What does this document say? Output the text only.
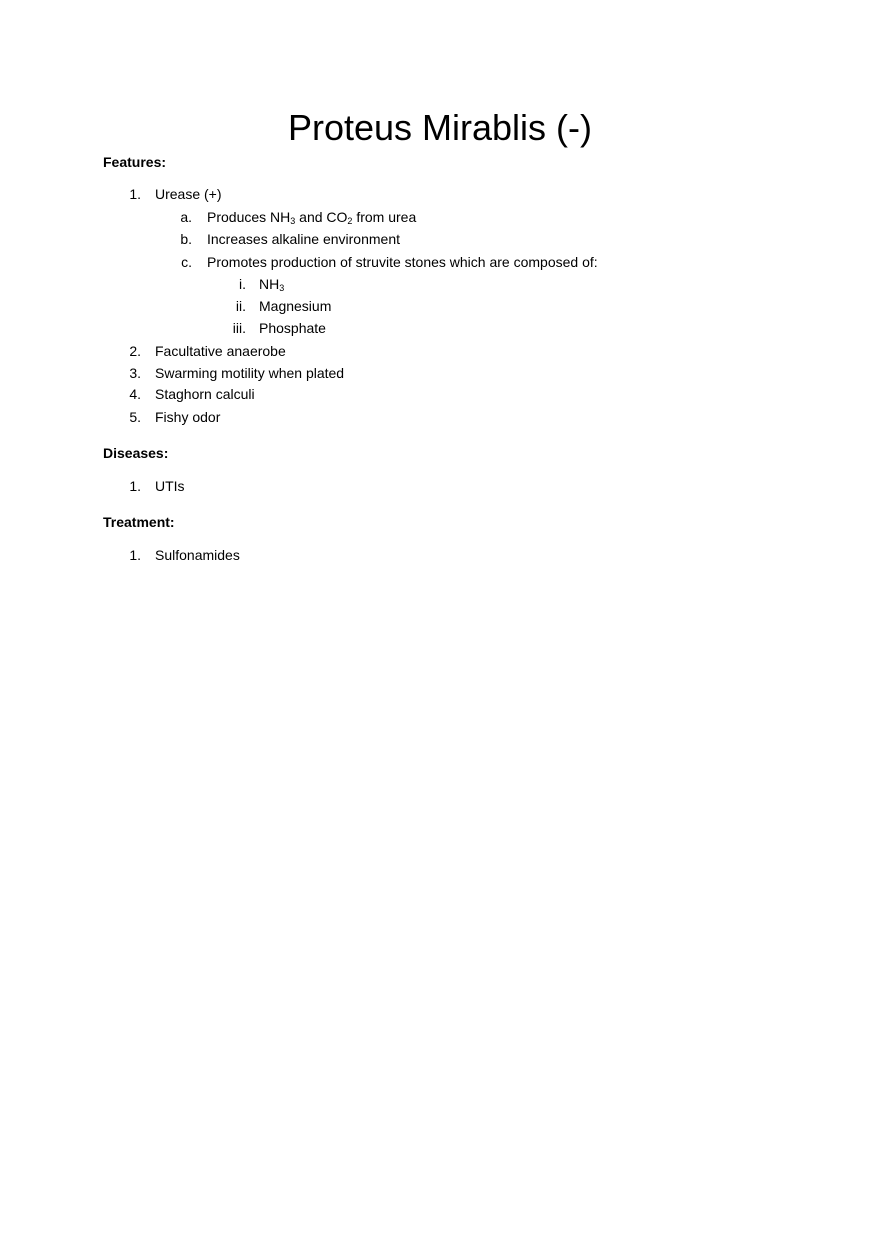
Proteus Mirablis (-)

Features:

1. Urease (+)
a. Produces $NH_3$ and $CO_2$ from urea
b. Increases alkaline environment
c. Promotes production of struvite stones which are composed of:
i. $NH_3$
ii. Magnesium
iii. Phosphate
2. Facultative anaerobe
3. Swarming motility when plated
4. Staghorn calculi
5. Fishy odor

Diseases:

1. UTIs

Treatment:

1. Sulfonamides
